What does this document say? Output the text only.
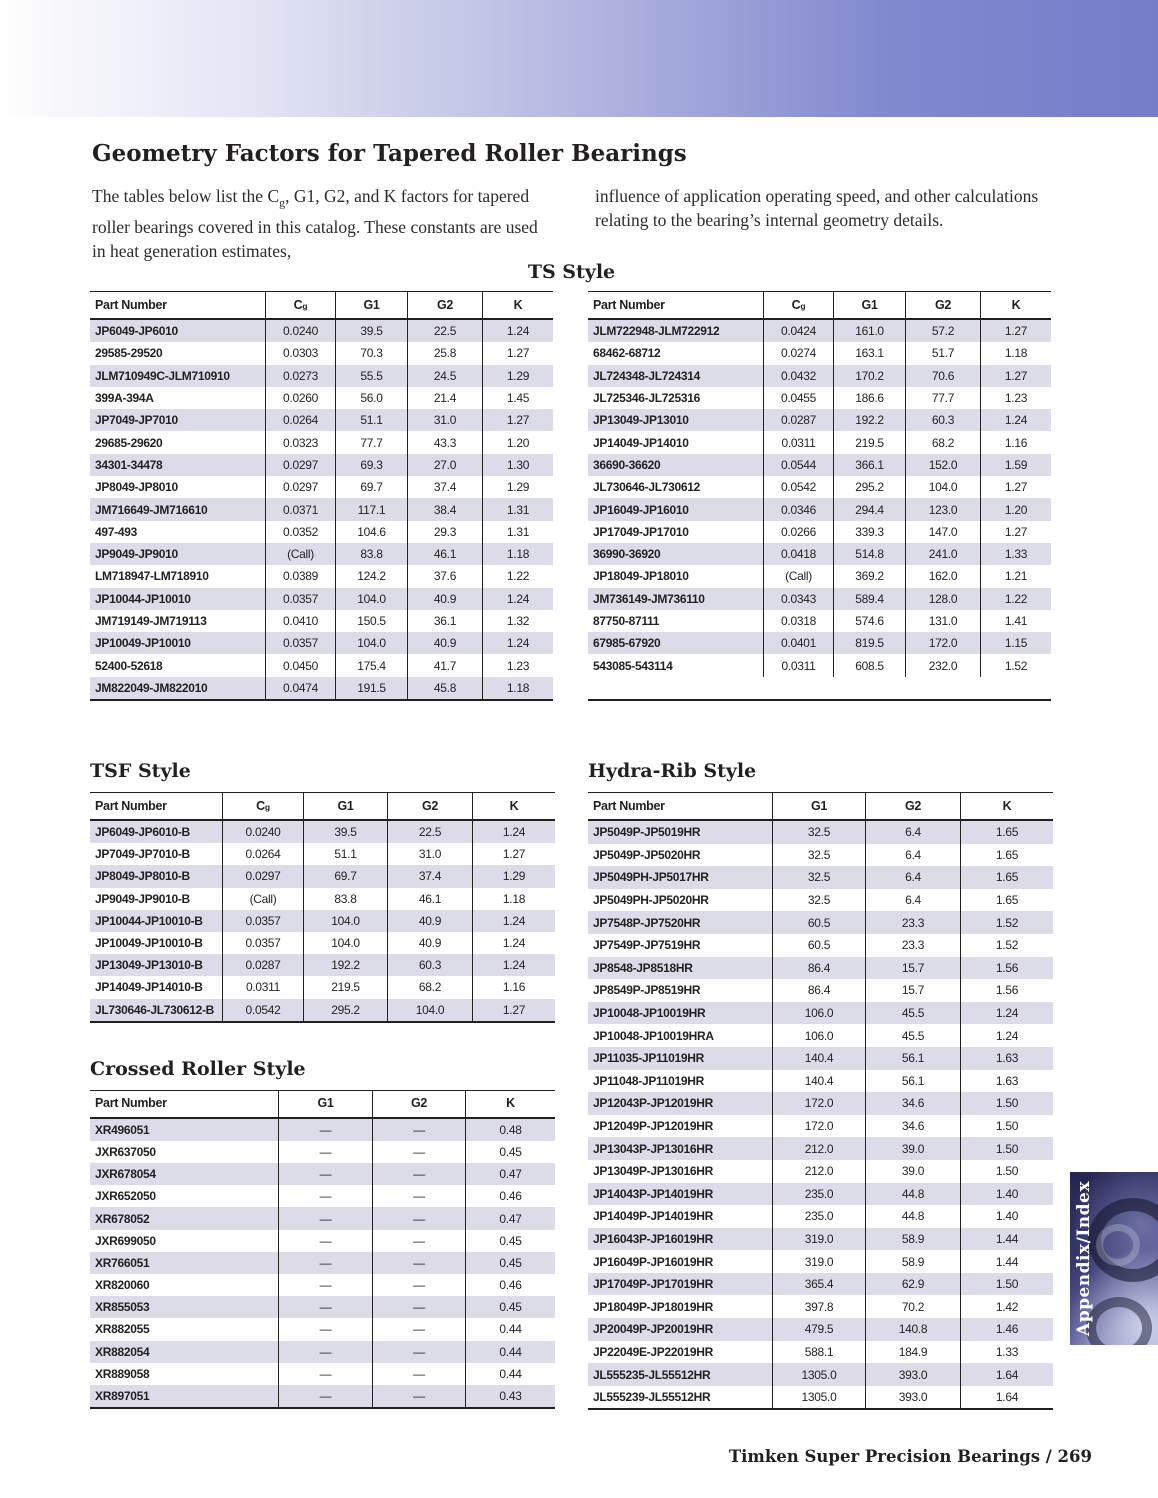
Geometry Factors for Tapered Roller Bearings

The tables below list the $C_g$, G1, G2, and K factors for tapered roller bearings covered in this catalog. These constants are used in heat generation estimates,

influence of application operating speed, and other calculations relating to the bearing’s internal geometry details.

TS Style
Part Number	$C_g$	G1	G2	K
JP6049-JP6010	0.0240	39.5	22.5	1.24
29585-29520	0.0303	70.3	25.8	1.27
JLM710949C-JLM710910	0.0273	55.5	24.5	1.29
399A-394A	0.0260	56.0	21.4	1.45
JP7049-JP7010	0.0264	51.1	31.0	1.27
29685-29620	0.0323	77.7	43.3	1.20
34301-34478	0.0297	69.3	27.0	1.30
JP8049-JP8010	0.0297	69.7	37.4	1.29
JM716649-JM716610	0.0371	117.1	38.4	1.31
497-493	0.0352	104.6	29.3	1.31
JP9049-JP9010	(Call)	83.8	46.1	1.18
LM718947-LM718910	0.0389	124.2	37.6	1.22
JP10044-JP10010	0.0357	104.0	40.9	1.24
JM719149-JM719113	0.0410	150.5	36.1	1.32
JP10049-JP10010	0.0357	104.0	40.9	1.24
52400-52618	0.0450	175.4	41.7	1.23
JM822049-JM822010	0.0474	191.5	45.8	1.18
Part Number	$C_g$	G1	G2	K
JLM722948-JLM722912	0.0424	161.0	57.2	1.27
68462-68712	0.0274	163.1	51.7	1.18
JL724348-JL724314	0.0432	170.2	70.6	1.27
JL725346-JL725316	0.0455	186.6	77.7	1.23
JP13049-JP13010	0.0287	192.2	60.3	1.24
JP14049-JP14010	0.0311	219.5	68.2	1.16
36690-36620	0.0544	366.1	152.0	1.59
JL730646-JL730612	0.0542	295.2	104.0	1.27
JP16049-JP16010	0.0346	294.4	123.0	1.20
JP17049-JP17010	0.0266	339.3	147.0	1.27
36990-36920	0.0418	514.8	241.0	1.33
JP18049-JP18010	(Call)	369.2	162.0	1.21
JM736149-JM736110	0.0343	589.4	128.0	1.22
87750-87111	0.0318	574.6	131.0	1.41
67985-67920	0.0401	819.5	172.0	1.15
543085-543114	0.0311	608.5	232.0	1.52
TSF Style
Part Number	$C_g$	G1	G2	K
JP6049-JP6010-B	0.0240	39.5	22.5	1.24
JP7049-JP7010-B	0.0264	51.1	31.0	1.27
JP8049-JP8010-B	0.0297	69.7	37.4	1.29
JP9049-JP9010-B	(Call)	83.8	46.1	1.18
JP10044-JP10010-B	0.0357	104.0	40.9	1.24
JP10049-JP10010-B	0.0357	104.0	40.9	1.24
JP13049-JP13010-B	0.0287	192.2	60.3	1.24
JP14049-JP14010-B	0.0311	219.5	68.2	1.16
JL730646-JL730612-B	0.0542	295.2	104.0	1.27
Crossed Roller Style
Part Number	G1	G2	K
XR496051	—	—	0.48
JXR637050	—	—	0.45
JXR678054	—	—	0.47
JXR652050	—	—	0.46
XR678052	—	—	0.47
JXR699050	—	—	0.45
XR766051	—	—	0.45
XR820060	—	—	0.46
XR855053	—	—	0.45
XR882055	—	—	0.44
XR882054	—	—	0.44
XR889058	—	—	0.44
XR897051	—	—	0.43
Hydra-Rib Style
Part Number	G1	G2	K
JP5049P-JP5019HR	32.5	6.4	1.65
JP5049P-JP5020HR	32.5	6.4	1.65
JP5049PH-JP5017HR	32.5	6.4	1.65
JP5049PH-JP5020HR	32.5	6.4	1.65
JP7548P-JP7520HR	60.5	23.3	1.52
JP7549P-JP7519HR	60.5	23.3	1.52
JP8548-JP8518HR	86.4	15.7	1.56
JP8549P-JP8519HR	86.4	15.7	1.56
JP10048-JP10019HR	106.0	45.5	1.24
JP10048-JP10019HRA	106.0	45.5	1.24
JP11035-JP11019HR	140.4	56.1	1.63
JP11048-JP11019HR	140.4	56.1	1.63
JP12043P-JP12019HR	172.0	34.6	1.50
JP12049P-JP12019HR	172.0	34.6	1.50
JP13043P-JP13016HR	212.0	39.0	1.50
JP13049P-JP13016HR	212.0	39.0	1.50
JP14043P-JP14019HR	235.0	44.8	1.40
JP14049P-JP14019HR	235.0	44.8	1.40
JP16043P-JP16019HR	319.0	58.9	1.44
JP16049P-JP16019HR	319.0	58.9	1.44
JP17049P-JP17019HR	365.4	62.9	1.50
JP18049P-JP18019HR	397.8	70.2	1.42
JP20049P-JP20019HR	479.5	140.8	1.46
JP22049E-JP22019HR	588.1	184.9	1.33
JL555235-JL55512HR	1305.0	393.0	1.64
JL555239-JL55512HR	1305.0	393.0	1.64
Appendix/Index
Timken Super Precision Bearings / 269
